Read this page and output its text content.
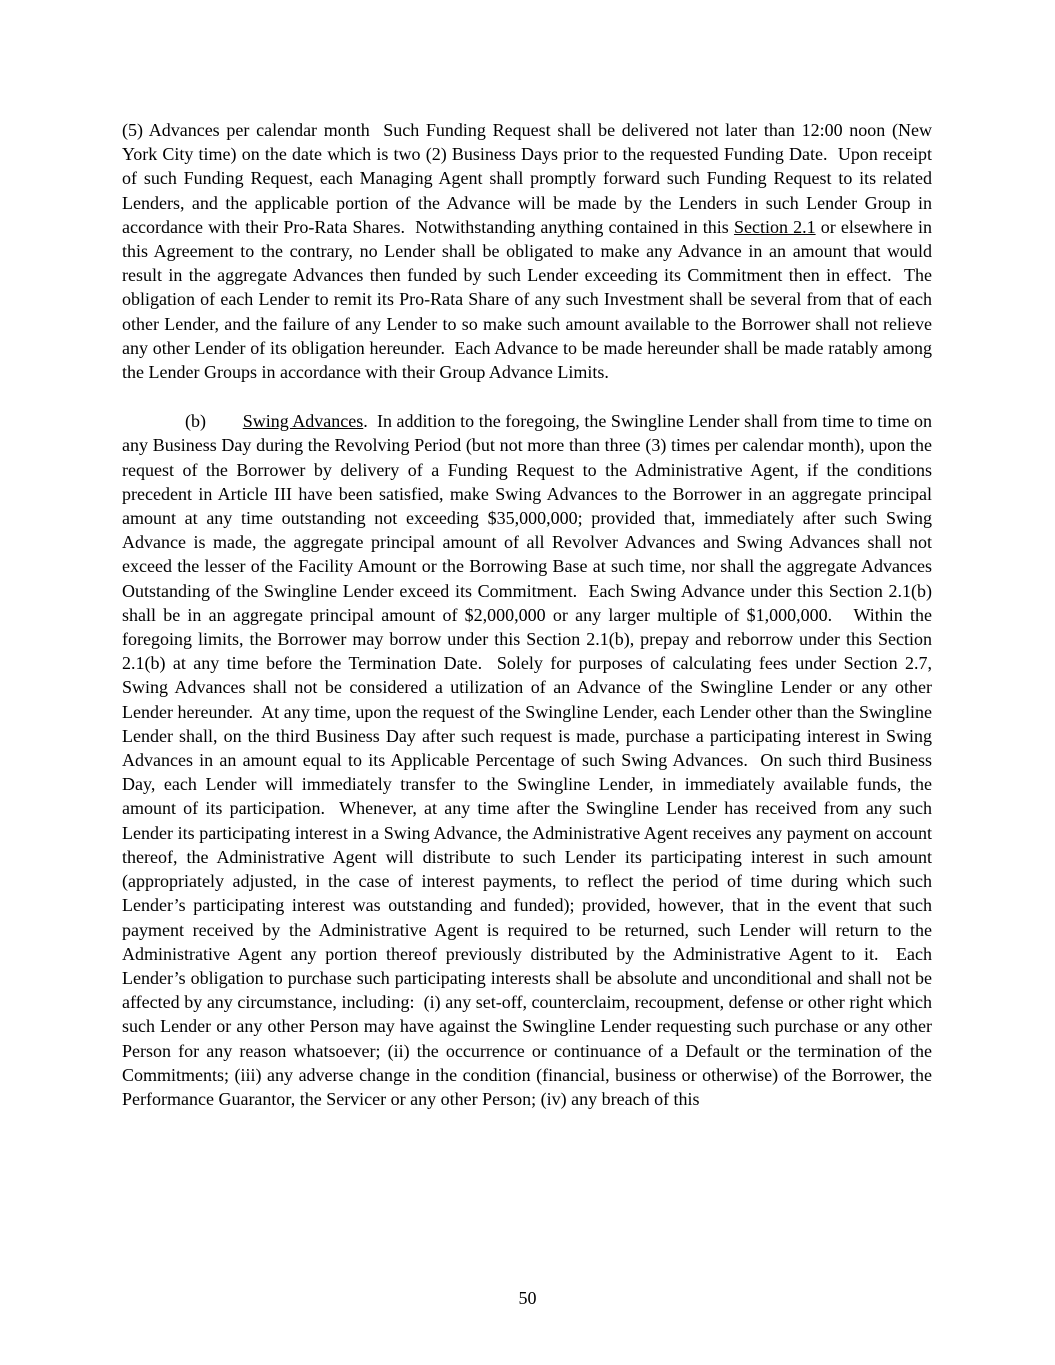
(5) Advances per calendar month  Such Funding Request shall be delivered not later than 12:00 noon (New York City time) on the date which is two (2) Business Days prior to the requested Funding Date.  Upon receipt of such Funding Request, each Managing Agent shall promptly forward such Funding Request to its related Lenders, and the applicable portion of the Advance will be made by the Lenders in such Lender Group in accordance with their Pro-Rata Shares.  Notwithstanding anything contained in this Section 2.1 or elsewhere in this Agreement to the contrary, no Lender shall be obligated to make any Advance in an amount that would result in the aggregate Advances then funded by such Lender exceeding its Commitment then in effect.  The obligation of each Lender to remit its Pro-Rata Share of any such Investment shall be several from that of each other Lender, and the failure of any Lender to so make such amount available to the Borrower shall not relieve any other Lender of its obligation hereunder.  Each Advance to be made hereunder shall be made ratably among the Lender Groups in accordance with their Group Advance Limits.

(b)        Swing Advances.  In addition to the foregoing, the Swingline Lender shall from time to time on any Business Day during the Revolving Period (but not more than three (3) times per calendar month), upon the request of the Borrower by delivery of a Funding Request to the Administrative Agent, if the conditions precedent in Article III have been satisfied, make Swing Advances to the Borrower in an aggregate principal amount at any time outstanding not exceeding $35,000,000; provided that, immediately after such Swing Advance is made, the aggregate principal amount of all Revolver Advances and Swing Advances shall not exceed the lesser of the Facility Amount or the Borrowing Base at such time, nor shall the aggregate Advances Outstanding of the Swingline Lender exceed its Commitment.  Each Swing Advance under this Section 2.1(b) shall be in an aggregate principal amount of $2,000,000 or any larger multiple of $1,000,000.   Within the foregoing limits, the Borrower may borrow under this Section 2.1(b), prepay and reborrow under this Section 2.1(b) at any time before the Termination Date.  Solely for purposes of calculating fees under Section 2.7, Swing Advances shall not be considered a utilization of an Advance of the Swingline Lender or any other Lender hereunder.  At any time, upon the request of the Swingline Lender, each Lender other than the Swingline Lender shall, on the third Business Day after such request is made, purchase a participating interest in Swing Advances in an amount equal to its Applicable Percentage of such Swing Advances.  On such third Business Day, each Lender will immediately transfer to the Swingline Lender, in immediately available funds, the amount of its participation.  Whenever, at any time after the Swingline Lender has received from any such Lender its participating interest in a Swing Advance, the Administrative Agent receives any payment on account thereof, the Administrative Agent will distribute to such Lender its participating interest in such amount (appropriately adjusted, in the case of interest payments, to reflect the period of time during which such Lender’s participating interest was outstanding and funded); provided, however, that in the event that such payment received by the Administrative Agent is required to be returned, such Lender will return to the Administrative Agent any portion thereof previously distributed by the Administrative Agent to it.  Each Lender’s obligation to purchase such participating interests shall be absolute and unconditional and shall not be affected by any circumstance, including:  (i) any set-off, counterclaim, recoupment, defense or other right which such Lender or any other Person may have against the Swingline Lender requesting such purchase or any other Person for any reason whatsoever; (ii) the occurrence or continuance of a Default or the termination of the Commitments; (iii) any adverse change in the condition (financial, business or otherwise) of the Borrower, the Performance Guarantor, the Servicer or any other Person; (iv) any breach of this

50
